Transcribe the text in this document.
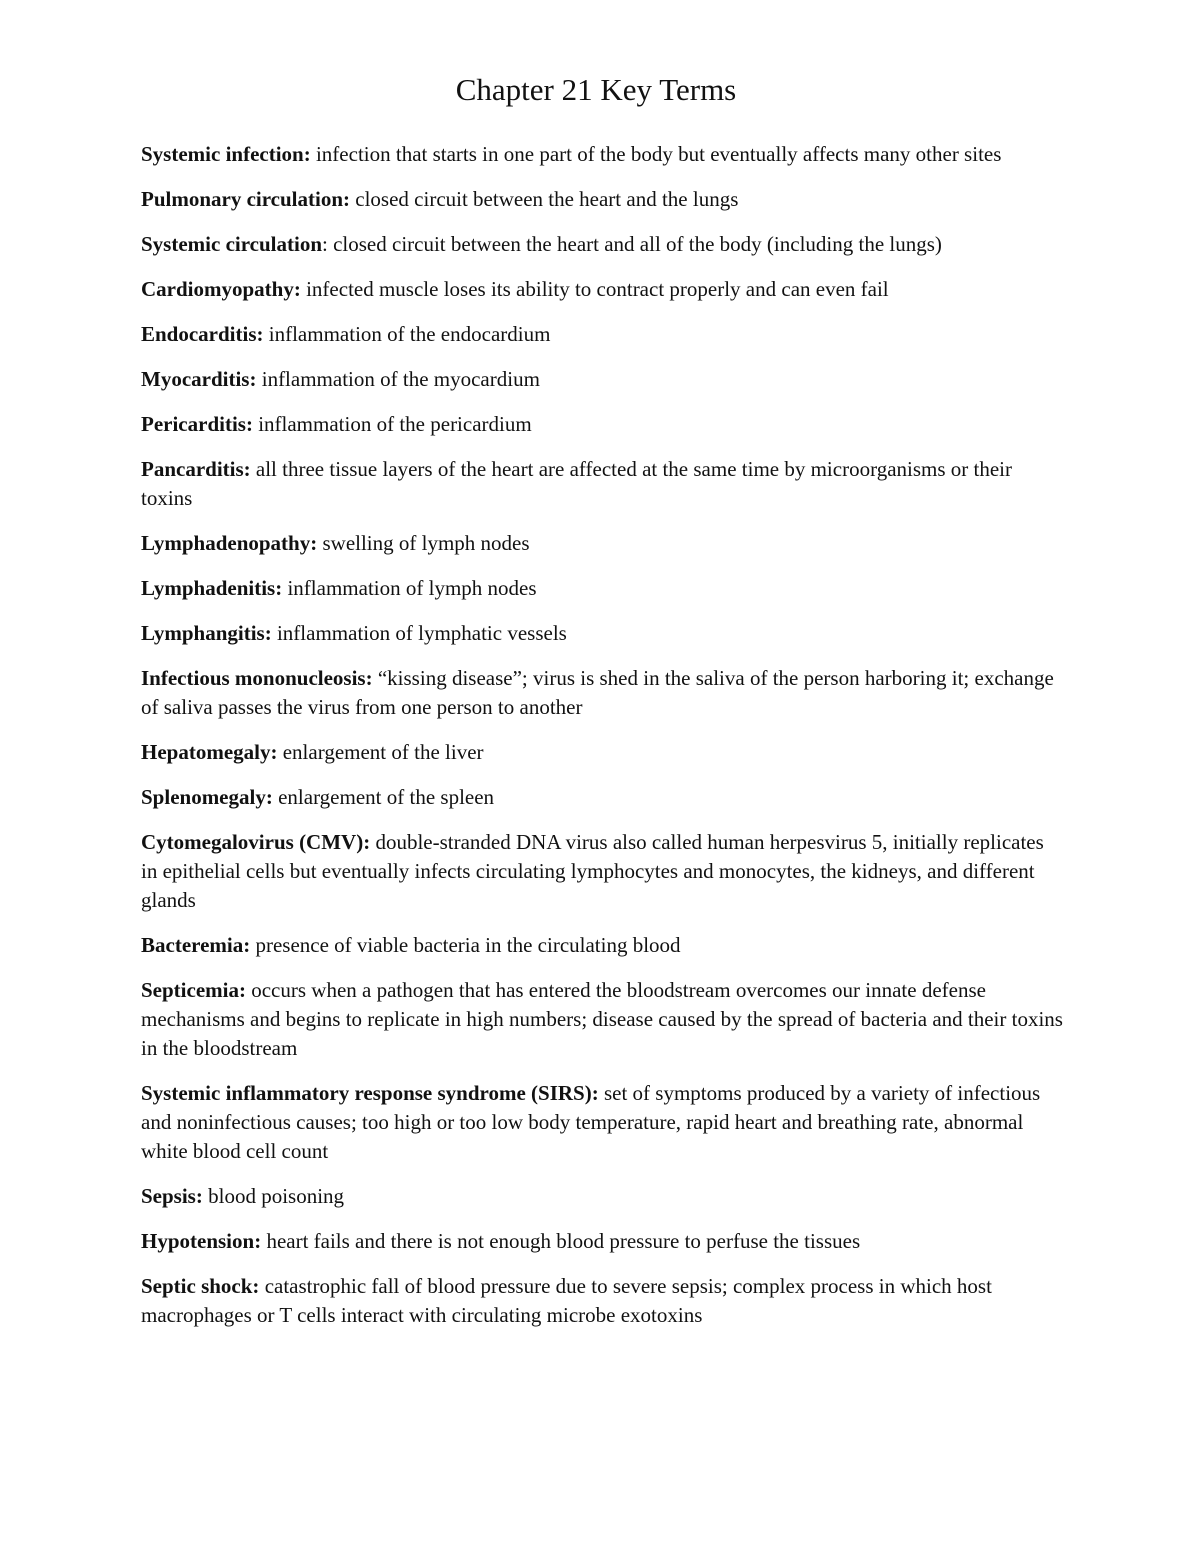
Chapter 21 Key Terms
Systemic infection: infection that starts in one part of the body but eventually affects many other sites
Pulmonary circulation: closed circuit between the heart and the lungs
Systemic circulation: closed circuit between the heart and all of the body (including the lungs)
Cardiomyopathy: infected muscle loses its ability to contract properly and can even fail
Endocarditis: inflammation of the endocardium
Myocarditis: inflammation of the myocardium
Pericarditis: inflammation of the pericardium
Pancarditis: all three tissue layers of the heart are affected at the same time by microorganisms or their toxins
Lymphadenopathy: swelling of lymph nodes
Lymphadenitis: inflammation of lymph nodes
Lymphangitis: inflammation of lymphatic vessels
Infectious mononucleosis: “kissing disease”; virus is shed in the saliva of the person harboring it; exchange of saliva passes the virus from one person to another
Hepatomegaly: enlargement of the liver
Splenomegaly: enlargement of the spleen
Cytomegalovirus (CMV): double-stranded DNA virus also called human herpesvirus 5, initially replicates in epithelial cells but eventually infects circulating lymphocytes and monocytes, the kidneys, and different glands
Bacteremia: presence of viable bacteria in the circulating blood
Septicemia: occurs when a pathogen that has entered the bloodstream overcomes our innate defense mechanisms and begins to replicate in high numbers; disease caused by the spread of bacteria and their toxins in the bloodstream
Systemic inflammatory response syndrome (SIRS): set of symptoms produced by a variety of infectious and noninfectious causes; too high or too low body temperature, rapid heart and breathing rate, abnormal white blood cell count
Sepsis: blood poisoning
Hypotension: heart fails and there is not enough blood pressure to perfuse the tissues
Septic shock: catastrophic fall of blood pressure due to severe sepsis; complex process in which host macrophages or T cells interact with circulating microbe exotoxins
